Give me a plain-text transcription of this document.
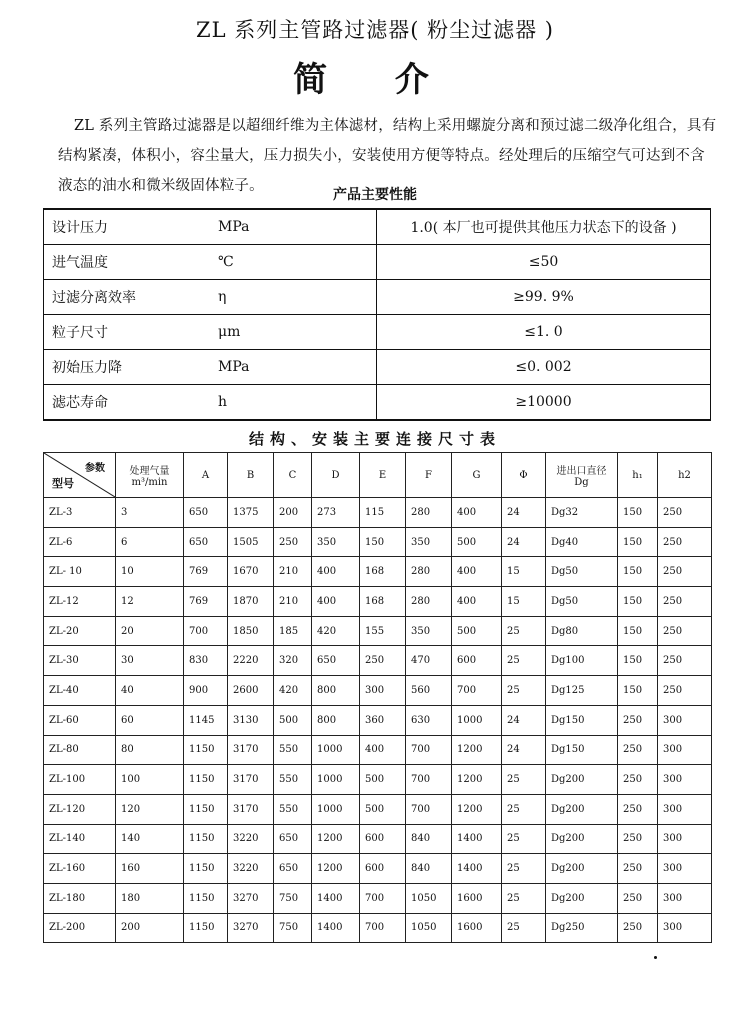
ZL 系列主管路过滤器( 粉尘过滤器 )
简 介

ZL 系列主管路过滤器是以超细纤维为主体滤材，结构上采用螺旋分离和预过滤二级净化组合，具有结构紧凑，体积小，容尘量大，压力损失小，安装使用方便等特点。经处理后的压缩空气可达到不含液态的油水和微米级固体粒子。

产品主要性能
设计压力	MPa	1.0( 本厂也可提供其他压力状态下的设备 )
进气温度	℃	≤50
过滤分离效率	η	≥99. 9%
粒子尺寸	μm	≤1. 0
初始压力降	MPa	≤0. 002
滤芯寿命	h	≥10000
结构、安装主要连接尺寸表
参数
型号	处理气量 m³/min	A	B	C	D	E	F	G	Φ	进出口直径 Dg	h₁	h2
ZL-3	3	650	1375	200	273	115	280	400	24	Dg32	150	250
ZL-6	6	650	1505	250	350	150	350	500	24	Dg40	150	250
ZL- 10	10	769	1670	210	400	168	280	400	15	Dg50	150	250
ZL-12	12	769	1870	210	400	168	280	400	15	Dg50	150	250
ZL-20	20	700	1850	185	420	155	350	500	25	Dg80	150	250
ZL-30	30	830	2220	320	650	250	470	600	25	Dg100	150	250
ZL-40	40	900	2600	420	800	300	560	700	25	Dg125	150	250
ZL-60	60	1145	3130	500	800	360	630	1000	24	Dg150	250	300
ZL-80	80	1150	3170	550	1000	400	700	1200	24	Dg150	250	300
ZL-100	100	1150	3170	550	1000	500	700	1200	25	Dg200	250	300
ZL-120	120	1150	3170	550	1000	500	700	1200	25	Dg200	250	300
ZL-140	140	1150	3220	650	1200	600	840	1400	25	Dg200	250	300
ZL-160	160	1150	3220	650	1200	600	840	1400	25	Dg200	250	300
ZL-180	180	1150	3270	750	1400	700	1050	1600	25	Dg200	250	300
ZL-200	200	1150	3270	750	1400	700	1050	1600	25	Dg250	250	300
